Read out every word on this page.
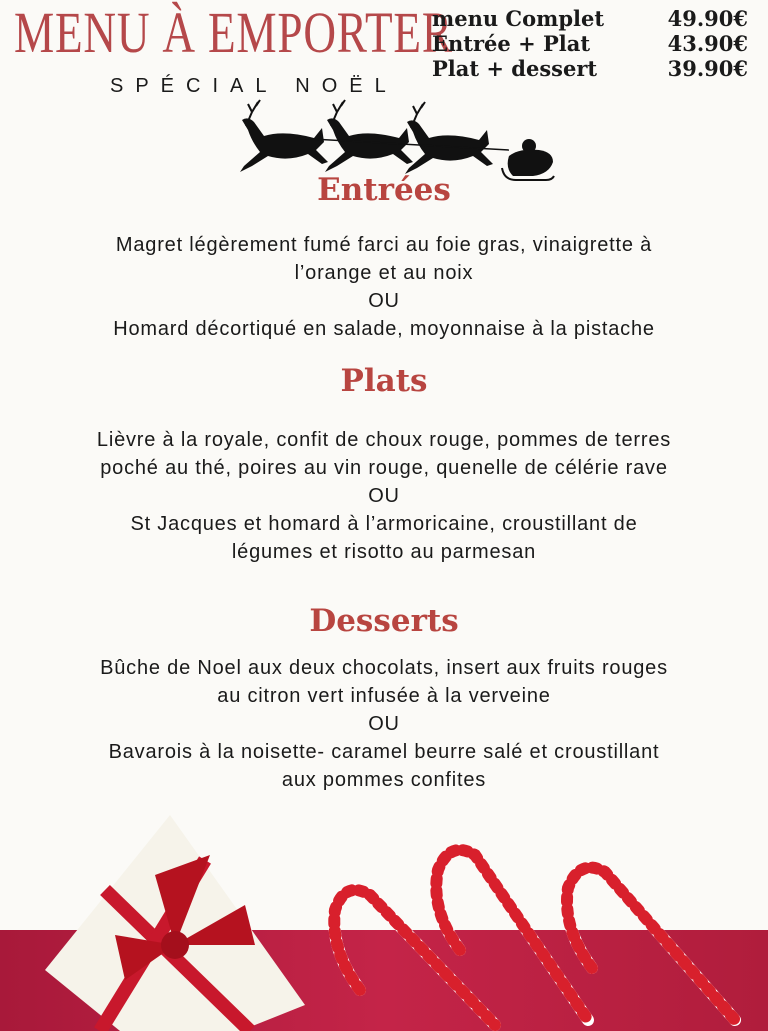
MENU À EMPORTER
SPÉCIAL NOËL
menu Complet	49.90€
Entrée + Plat	43.90€
Plat + dessert	39.90€
Entrées
Magret légèrement fumé farci au foie gras, vinaigrette à
l’orange et au noix
OU
Homard décortiqué en salade, moyonnaise à la pistache
Plats
Lièvre à la royale, confit de choux rouge, pommes de terres
poché au thé, poires au vin rouge, quenelle de célérie rave
OU
St Jacques et homard à l’armoricaine, croustillant de
légumes et risotto au parmesan
Desserts
Bûche de Noel aux deux chocolats, insert aux fruits rouges
au citron vert infusée à la verveine
OU
Bavarois à la noisette- caramel beurre salé et croustillant
aux pommes confites
